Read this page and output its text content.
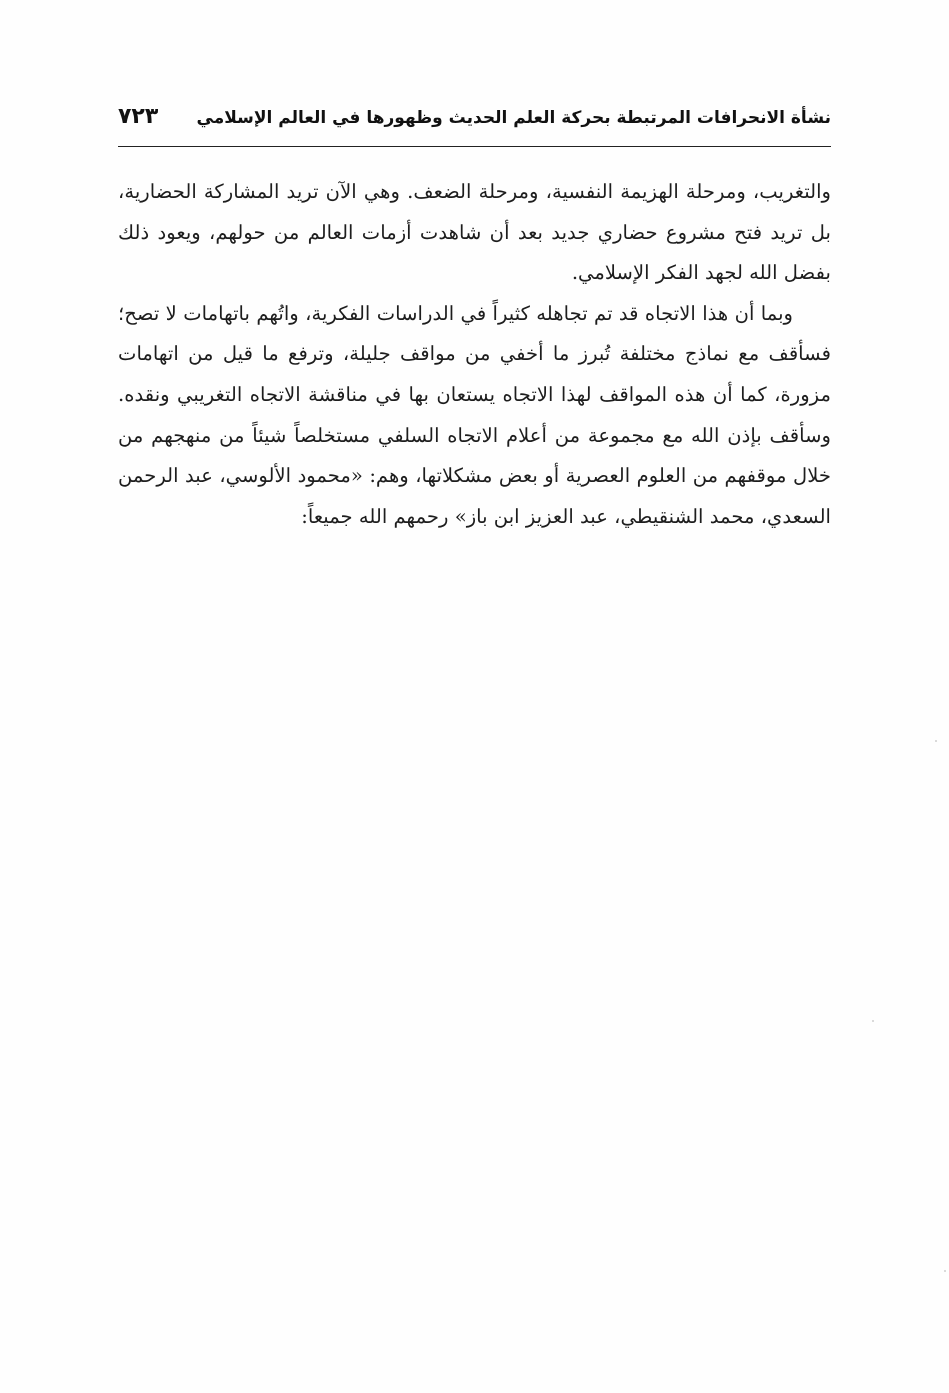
نشأة الانحرافات المرتبطة بحركة العلم الحديث وظهورها في العالم الإسلامي
٧٢٣

والتغريب، ومرحلة الهزيمة النفسية، ومرحلة الضعف. وهي الآن تريد المشاركة الحضارية، بل تريد فتح مشروع حضاري جديد بعد أن شاهدت أزمات العالم من حولهم، ويعود ذلك بفضل الله لجهد الفكر الإسلامي.

وبما أن هذا الاتجاه قد تم تجاهله كثيراً في الدراسات الفكرية، واتُهم باتهامات لا تصح؛ فسأقف مع نماذج مختلفة تُبرز ما أخفي من مواقف جليلة، وترفع ما قيل من اتهامات مزورة، كما أن هذه المواقف لهذا الاتجاه يستعان بها في مناقشة الاتجاه التغريبي ونقده. وسأقف بإذن الله مع مجموعة من أعلام الاتجاه السلفي مستخلصاً شيئاً من منهجهم من خلال موقفهم من العلوم العصرية أو بعض مشكلاتها، وهم: «محمود الألوسي، عبد الرحمن السعدي، محمد الشنقيطي، عبد العزيز ابن باز» رحمهم الله جميعاً:
